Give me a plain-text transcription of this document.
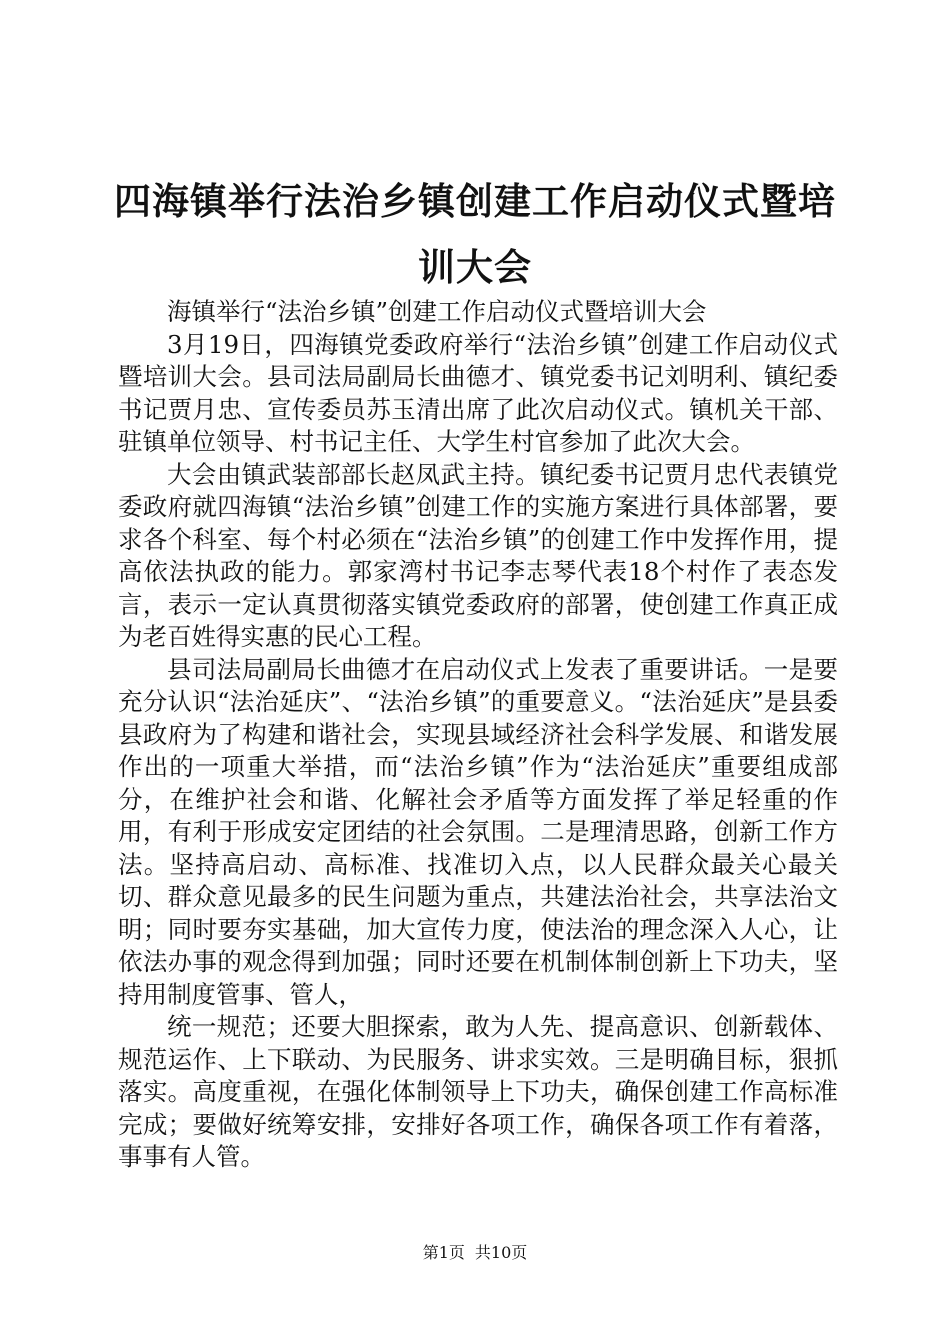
四海镇举行法治乡镇创建工作启动仪式暨培训大会

海镇举行“法治乡镇”创建工作启动仪式暨培训大会

3月19日，四海镇党委政府举行“法治乡镇”创建工作启动仪式暨培训大会。县司法局副局长曲德才、镇党委书记刘明利、镇纪委书记贾月忠、宣传委员苏玉清出席了此次启动仪式。镇机关干部、驻镇单位领导、村书记主任、大学生村官参加了此次大会。

大会由镇武装部部长赵凤武主持。镇纪委书记贾月忠代表镇党委政府就四海镇“法治乡镇”创建工作的实施方案进行具体部署，要求各个科室、每个村必须在“法治乡镇”的创建工作中发挥作用，提高依法执政的能力。郭家湾村书记李志琴代表18个村作了表态发言，表示一定认真贯彻落实镇党委政府的部署，使创建工作真正成为老百姓得实惠的民心工程。

县司法局副局长曲德才在启动仪式上发表了重要讲话。一是要充分认识“法治延庆”、“法治乡镇”的重要意义。“法治延庆”是县委县政府为了构建和谐社会，实现县域经济社会科学发展、和谐发展作出的一项重大举措，而“法治乡镇”作为“法治延庆”重要组成部分，在维护社会和谐、化解社会矛盾等方面发挥了举足轻重的作用，有利于形成安定团结的社会氛围。二是理清思路，创新工作方法。坚持高启动、高标准、找准切入点，以人民群众最关心最关切、群众意见最多的民生问题为重点，共建法治社会，共享法治文明；同时要夯实基础，加大宣传力度，使法治的理念深入人心，让依法办事的观念得到加强；同时还要在机制体制创新上下功夫，坚持用制度管事、管人，

统一规范；还要大胆探索，敢为人先、提高意识、创新载体、规范运作、上下联动、为民服务、讲求实效。三是明确目标，狠抓落实。高度重视，在强化体制领导上下功夫，确保创建工作高标准完成；要做好统筹安排，安排好各项工作，确保各项工作有着落，事事有人管。

第1页 共10页
